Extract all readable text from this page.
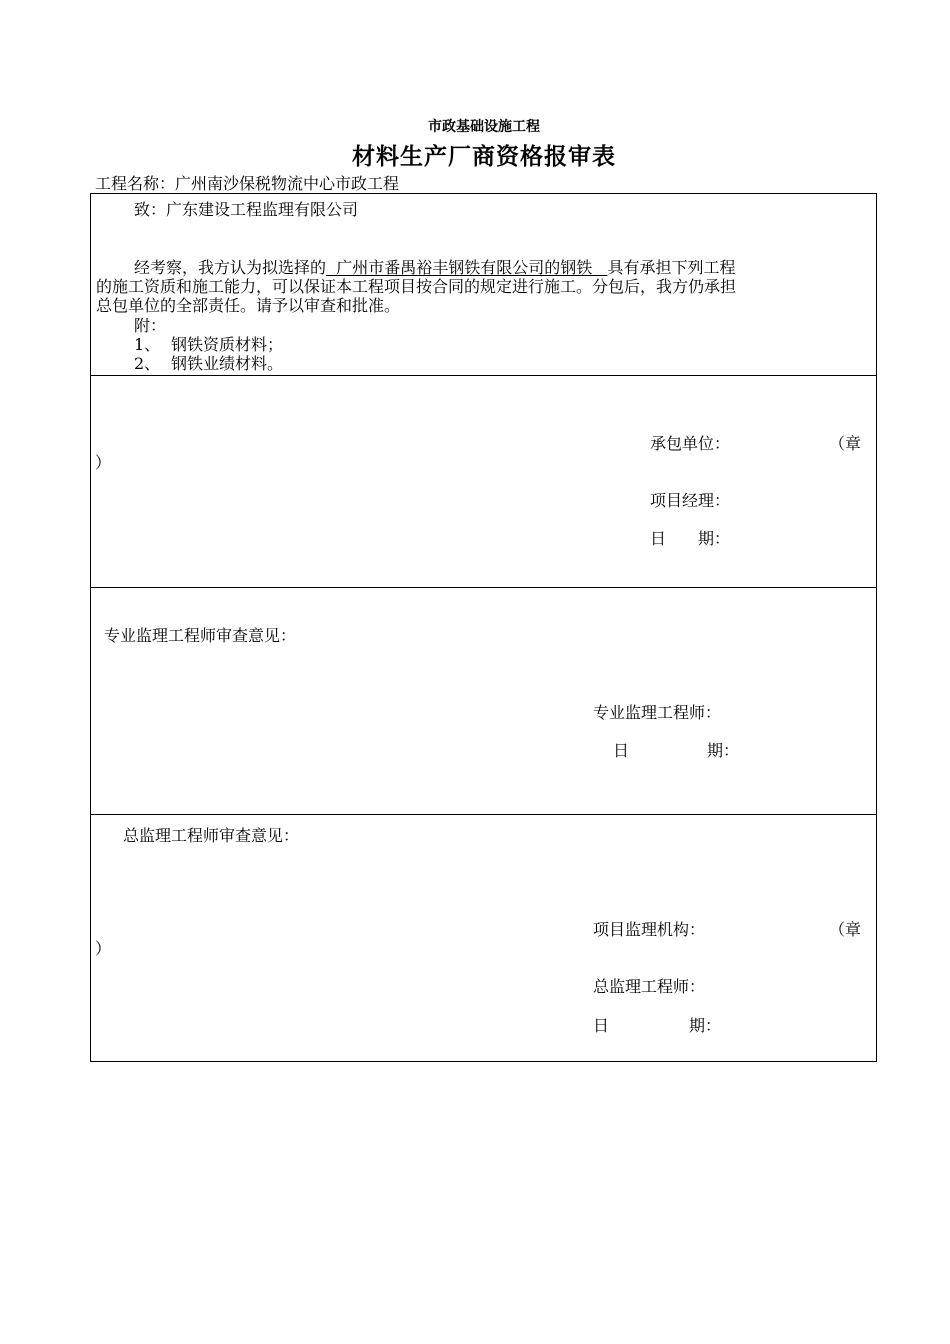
市政基础设施工程
材料生产厂商资格报审表
工程名称：广州南沙保税物流中心市政工程
致：广东建设工程监理有限公司
经考察，我方认为拟选择的  广州市番禺裕丰钢铁有限公司的钢铁   具有承担下列工程
的施工资质和施工能力，可以保证本工程项目按合同的规定进行施工。分包后，我方仍承担
总包单位的全部责任。请予以审查和批准。
附：
1、 钢铁资质材料；
2、 钢铁业绩材料。
承包单位：	（章
）
项目经理：
日　　期：
专业监理工程师审查意见：
专业监理工程师：
日	期：
总监理工程师审查意见：
项目监理机构：	（章
）
总监理工程师：
日	期：
